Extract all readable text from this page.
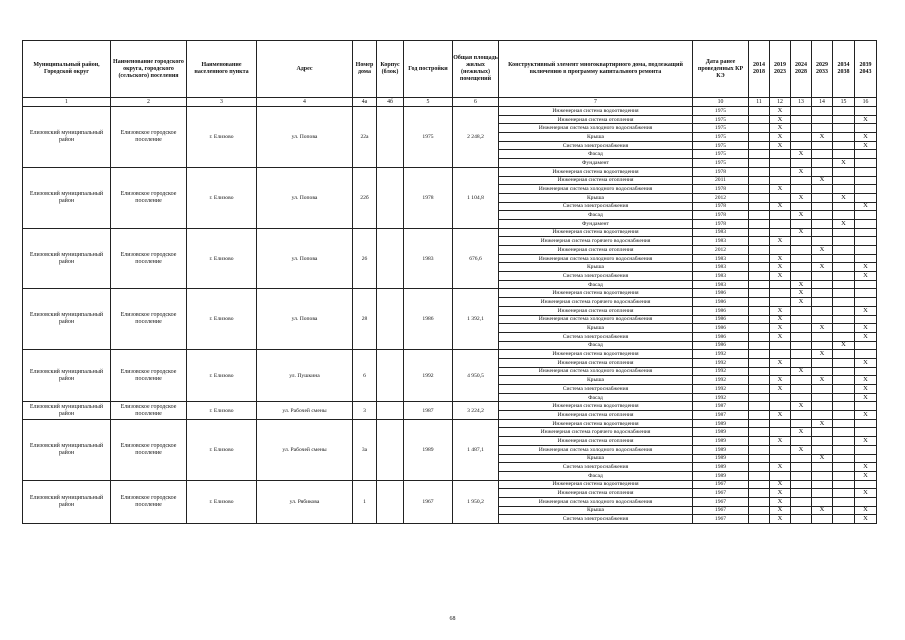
Муниципальный район, Городской округ	Наименование городского округа, городского (сельского) поселения	Наименование населенного пункта	Адрес	Номер дома	Корпус (блок)	Год постройки	Общая площадь жилых (нежилых) помещений	Конструктивный элемент многоквартирного дома, подлежащий включению в программу капитального ремонта	Дата ранее проведенных КР КЭ	2014 2018	2019 2023	2024 2028	2029 2033	2034 2038	2039 2043
1	2	3	4	4а	4б	5	6	7	10	11	12	13	14	15	16
Елизовский муниципальный район	Елизовское городское поселение	г. Елизово	ул. Попова	22а		1975	2 248,2	Инженерная система водоотведения	1975		X				
								Инженерная система отопления	1975		X				X
								Инженерная система холодного водоснабжения	1975		X				
								Крыша	1975		X		X		X
								Система электроснабжения	1975		X				X
								Фасад	1975			X			
								Фундамент	1975					X	
Елизовский муниципальный район	Елизовское городское поселение	г. Елизово	ул. Попова	22б		1978	1 104,8	Инженерная система водоотведения	1978			X			
								Инженерная система отопления	2011				X		
								Инженерная система холодного водоснабжения	1978		X				
								Крыша	2012			X		X	
								Система электроснабжения	1978		X				X
								Фасад	1978			X			
								Фундамент	1978					X	
Елизовский муниципальный район	Елизовское городское поселение	г. Елизово	ул. Попова	26		1983	676,6	Инженерная система водоотведения	1983			X			
								Инженерная система горячего водоснабжения	1983		X				
								Инженерная система отопления	2012				X		
								Инженерная система холодного водоснабжения	1983		X				
								Крыша	1983		X		X		X
								Система электроснабжения	1983		X				X
								Фасад	1983			X			
Елизовский муниципальный район	Елизовское городское поселение	г. Елизово	ул. Попова	28		1986	1 392,1	Инженерная система водоотведения	1986			X			
								Инженерная система горячего водоснабжения	1986			X			
								Инженерная система отопления	1986		X				X
								Инженерная система холодного водоснабжения	1986		X				
								Крыша	1986		X		X		X
								Система электроснабжения	1986		X				X
								Фасад	1986					X	
Елизовский муниципальный район	Елизовское городское поселение	г. Елизово	ул. Пушкина	6		1992	4 950,5	Инженерная система водоотведения	1992				X		
								Инженерная система отопления	1992		X				X
								Инженерная система холодного водоснабжения	1992			X			
								Крыша	1992		X		X		X
								Система электроснабжения	1992		X				X
								Фасад	1992						X
Елизовский муниципальный район	Елизовское городское поселение	г. Елизово	ул. Рабочей смены	3		1987	3 224,2	Инженерная система водоотведения	1987			X			
								Инженерная система отопления	1987		X				X
Елизовский муниципальный район	Елизовское городское поселение	г. Елизово	ул. Рабочей смены	3а		1989	1 487,1	Инженерная система водоотведения	1989				X		
								Инженерная система горячего водоснабжения	1989			X			
								Инженерная система отопления	1989		X				X
								Инженерная система холодного водоснабжения	1989			X			
								Крыша	1989				X		
								Система электроснабжения	1989		X				X
								Фасад	1989						X
Елизовский муниципальный район	Елизовское городское поселение	г. Елизово	ул. Рябикова	1		1967	1 950,2	Инженерная система водоотведения	1967		X				
								Инженерная система отопления	1967		X				X
								Инженерная система холодного водоснабжения	1967		X				
								Крыша	1967		X		X		X
								Система электроснабжения	1967		X				X
68
